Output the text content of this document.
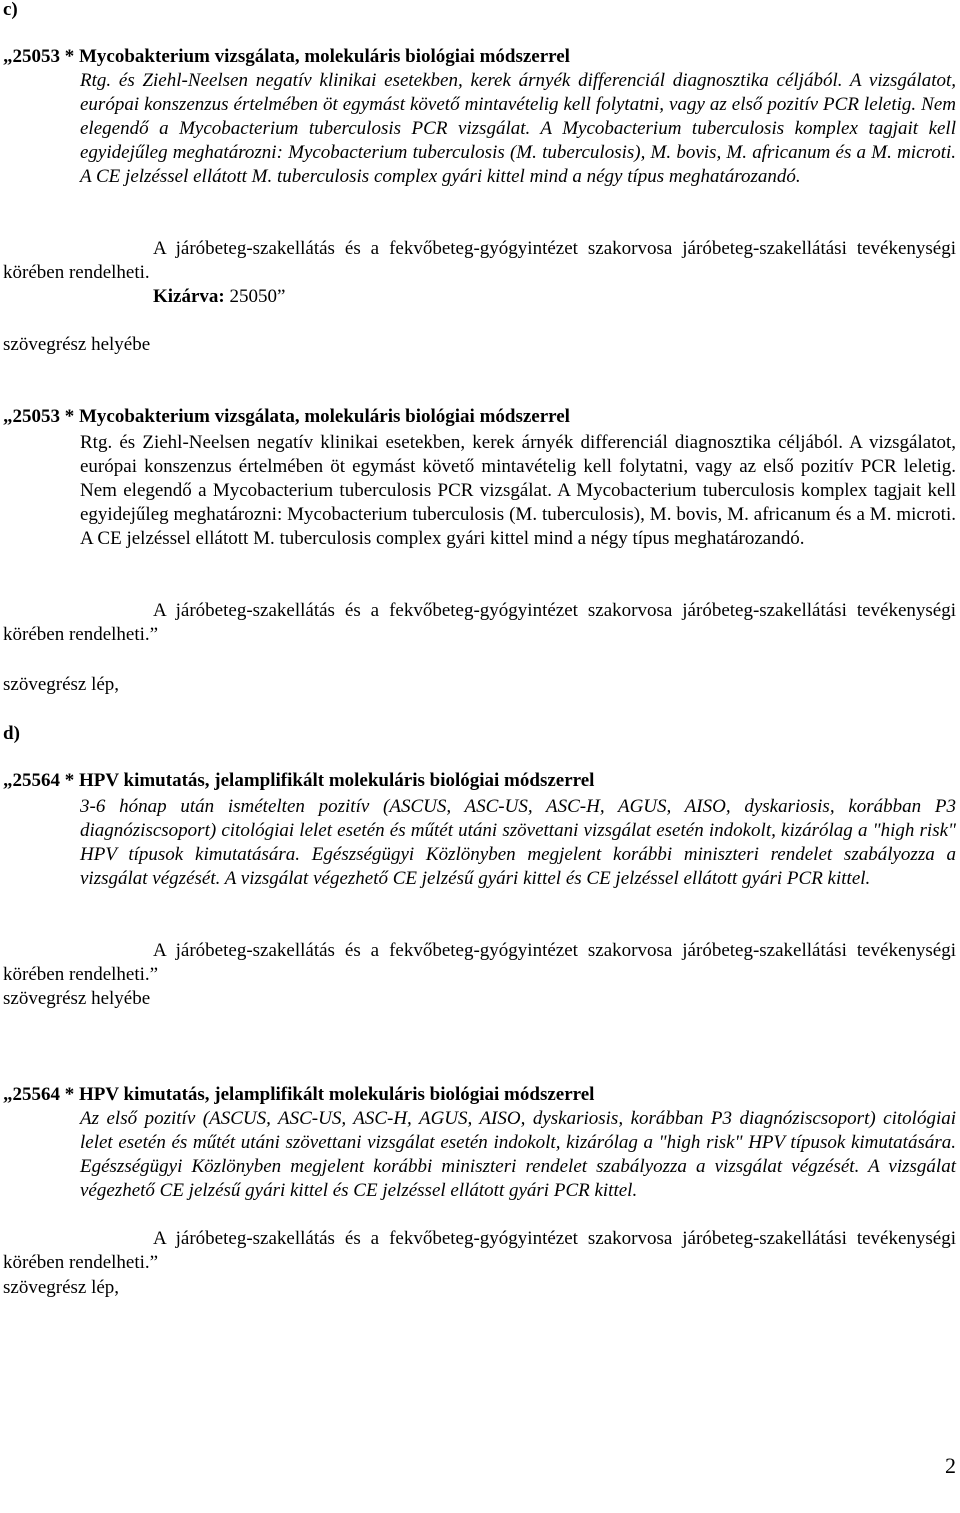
c)
„25053 * Mycobakterium vizsgálata, molekuláris biológiai módszerrel
Rtg. és Ziehl-Neelsen negatív klinikai esetekben, kerek árnyék differenciál diagnosztika céljából. A vizsgálatot, európai konszenzus értelmében öt egymást követő mintavételig kell folytatni, vagy az első pozitív PCR leletig. Nem elegendő a Mycobacterium tuberculosis PCR vizsgálat. A Mycobacterium tuberculosis komplex tagjait kell egyidejűleg meghatározni: Mycobacterium tuberculosis (M. tuberculosis), M. bovis, M. africanum és a M. microti. A CE jelzéssel ellátott M. tuberculosis complex gyári kittel mind a négy típus meghatározandó.
A járóbeteg-szakellátás és a fekvőbeteg-gyógyintézet szakorvosa járóbeteg-szakellátási tevékenységi körében rendelheti.
Kizárva: 25050”
szövegrész helyébe
„25053 * Mycobakterium vizsgálata, molekuláris biológiai módszerrel
Rtg. és Ziehl-Neelsen negatív klinikai esetekben, kerek árnyék differenciál diagnosztika céljából. A vizsgálatot, európai konszenzus értelmében öt egymást követő mintavételig kell folytatni, vagy az első pozitív PCR leletig. Nem elegendő a Mycobacterium tuberculosis PCR vizsgálat. A Mycobacterium tuberculosis komplex tagjait kell egyidejűleg meghatározni: Mycobacterium tuberculosis (M. tuberculosis), M. bovis, M. africanum és a M. microti. A CE jelzéssel ellátott M. tuberculosis complex gyári kittel mind a négy típus meghatározandó.
A járóbeteg-szakellátás és a fekvőbeteg-gyógyintézet szakorvosa járóbeteg-szakellátási tevékenységi körében rendelheti.”
szövegrész lép,
d)
„25564 * HPV kimutatás, jelamplifikált molekuláris biológiai módszerrel
3-6 hónap után ismételten pozitív (ASCUS, ASC-US, ASC-H, AGUS, AISO, dyskariosis, korábban P3 diagnóziscsoport) citológiai lelet esetén és műtét utáni szövettani vizsgálat esetén indokolt, kizárólag a "high risk" HPV típusok kimutatására. Egészségügyi Közlönyben megjelent korábbi miniszteri rendelet szabályozza a vizsgálat végzését. A vizsgálat végezhető CE jelzésű gyári kittel és CE jelzéssel ellátott gyári PCR kittel.
A járóbeteg-szakellátás és a fekvőbeteg-gyógyintézet szakorvosa járóbeteg-szakellátási tevékenységi körében rendelheti.”
szövegrész helyébe
„25564 * HPV kimutatás, jelamplifikált molekuláris biológiai módszerrel
Az első pozitív (ASCUS, ASC-US, ASC-H, AGUS, AISO, dyskariosis, korábban P3 diagnóziscsoport) citológiai lelet esetén és műtét utáni szövettani vizsgálat esetén indokolt, kizárólag a "high risk" HPV típusok kimutatására. Egészségügyi Közlönyben megjelent korábbi miniszteri rendelet szabályozza a vizsgálat végzését. A vizsgálat végezhető CE jelzésű gyári kittel és CE jelzéssel ellátott gyári PCR kittel.
A járóbeteg-szakellátás és a fekvőbeteg-gyógyintézet szakorvosa járóbeteg-szakellátási tevékenységi körében rendelheti.”
szövegrész lép,
2
